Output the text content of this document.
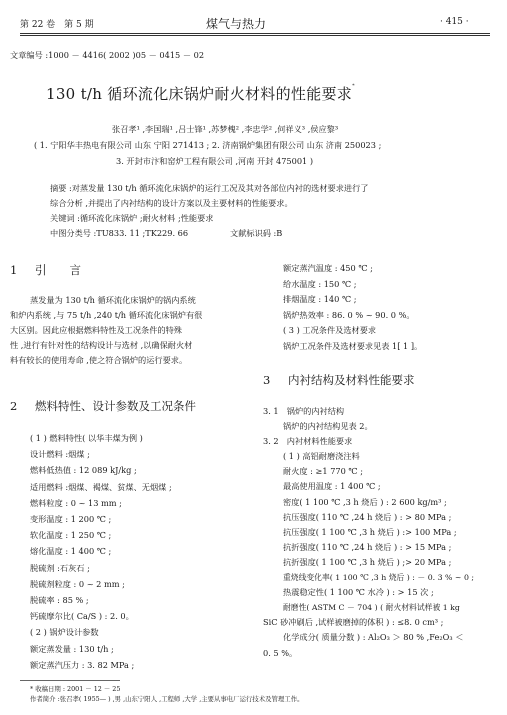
第 22 卷　第 5 期	煤气与热力	· 415 ·
文章编号 :1000 － 4416( 2002 )05 － 0415 － 02
130 t/h 循环流化床锅炉耐火材料的性能要求*
张召孝¹ ,李国瑞¹ ,吕士锋¹ ,苏梦槐² ,李忠学² ,何祥义³ ,侯应黎³
( 1. 宁阳华丰热电有限公司 山东 宁阳 271413 ; 2. 济南锅炉集团有限公司 山东 济南 250023 ;
3. 开封市汴和窑炉工程有限公司 ,河南 开封 475001 )
摘要 :对蒸发量 130 t/h 循环流化床锅炉的运行工况及其对各部位内衬的选材要求进行了
综合分析 ,并提出了内衬结构的设计方案以及主要材料的性能要求。
关键词 :循环流化床锅炉 ;耐火材料 ;性能要求
中图分类号 :TU833. 11 ;TK229. 66	文献标识码 :B
1 引　　言
蒸发量为 130 t/h 循环流化床锅炉的锅内系统
和炉内系统 ,与 75 t/h ,240 t/h 循环流化床锅炉有很
大区别。因此应根据燃料特性及工况条件的特殊
性 ,进行有针对性的结构设计与选材 ,以确保耐火材
料有较长的使用寿命 ,使之符合锅炉的运行要求。
2 燃料特性、设计参数及工况条件
( 1 ) 燃料特性( 以华丰煤为例 )
设计燃料 :烟煤 ;
燃料低热值 : 12 089 kJ/kg ;
适用燃料 :烟煤、褐煤、贫煤、无烟煤 ;
燃料粒度 : 0 ~ 13 mm ;
变形温度 : 1 200 ℃ ;
软化温度 : 1 250 ℃ ;
熔化温度 : 1 400 ℃ ;
脱硫剂 :石灰石 ;
脱硫剂粒度 : 0 ~ 2 mm ;
脱硫率 : 85 % ;
钙硫摩尔比( Ca/S ) : 2. 0。
( 2 ) 锅炉设计参数
额定蒸发量 : 130 t/h ;
额定蒸汽压力 : 3. 82 MPa ;
额定蒸汽温度 : 450 ℃ ;
给水温度 : 150 ℃ ;
排烟温度 : 140 ℃ ;
锅炉热效率 : 86. 0 % ~ 90. 0 %。
( 3 ) 工况条件及选材要求
锅炉工况条件及选材要求见表 1[ 1 ]。
3 内衬结构及材料性能要求
3. 1　锅炉的内衬结构
锅炉的内衬结构见表 2。
3. 2　内衬材料性能要求
( 1 ) 高铝耐磨浇注料
耐火度 : ≥1 770 ℃ ;
最高使用温度 : 1 400 ℃ ;
密度( 1 100 ℃ ,3 h 烧后 ) : 2 600 kg/m³ ;
抗压强度( 110 ℃ ,24 h 烧后 ) : > 80 MPa ;
抗压强度( 1 100 ℃ ,3 h 烧后 ) :> 100 MPa ;
抗折强度( 110 ℃ ,24 h 烧后 ) : > 15 MPa ;
抗折强度( 1 100 ℃ ,3 h 烧后 ) ;> 20 MPa ;
重烧线变化率( 1 100 ℃ ,3 h 烧后 ) : － 0. 3 % ~ 0 ;
热震稳定性( 1 100 ℃ 水冷 ) : > 15 次 ;
耐磨性( ASTM C － 704 ) ( 耐火材料试样被 1 kg
SiC 砂冲刷后 ,试样被磨掉的体积 ) : ≤8. 0 cm³ ;
化学成分( 质量分数 ) : Al₂O₃ ＞ 80 % ,Fe₂O₃ ＜
0. 5 %。
* 收稿日期 : 2001 － 12 － 25
作者简介 :张召孝( 1955— ) ,男 ,山东宁阳人 ,工程师 ,大学 ,主要从事电厂运行技术及管理工作。
